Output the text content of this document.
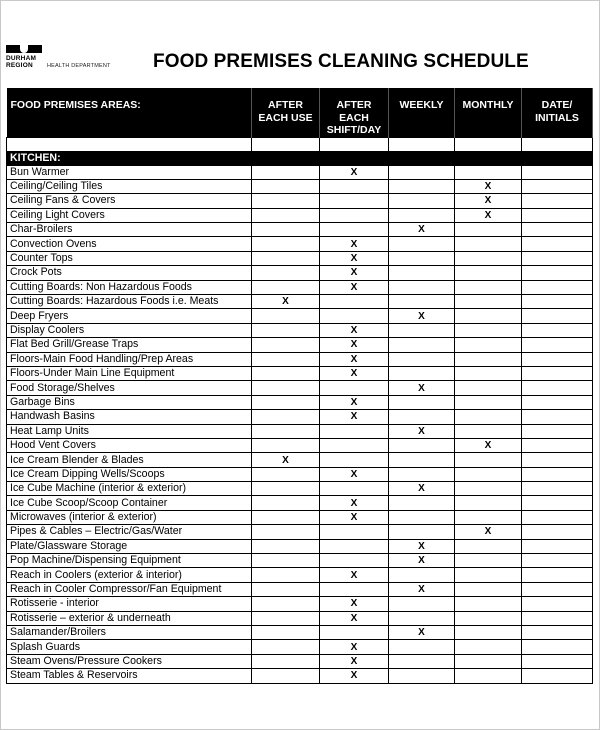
DURHAM
REGION	HEALTH DEPARTMENT FOOD PREMISES CLEANING SCHEDULE
FOOD PREMISES AREAS:	AFTER EACH USE	AFTER EACH SHIFT/DAY	WEEKLY	MONTHLY	DATE/ INITIALS

KITCHEN:					
Bun Warmer		X			
Ceiling/Ceiling Tiles				X	
Ceiling Fans & Covers				X	
Ceiling Light Covers				X	
Char-Broilers			X		
Convection Ovens		X			
Counter Tops		X			
Crock Pots		X			
Cutting Boards: Non Hazardous Foods		X			
Cutting Boards: Hazardous Foods i.e. Meats	X				
Deep Fryers			X		
Display Coolers		X			
Flat Bed Grill/Grease Traps		X			
Floors-Main Food Handling/Prep Areas		X			
Floors-Under Main Line Equipment		X			
Food Storage/Shelves			X		
Garbage Bins		X			
Handwash Basins		X			
Heat Lamp Units			X		
Hood Vent Covers				X	
Ice Cream Blender & Blades	X				
Ice Cream Dipping Wells/Scoops		X			
Ice Cube Machine (interior & exterior)			X		
Ice Cube Scoop/Scoop Container		X			
Microwaves (interior & exterior)		X			
Pipes & Cables – Electric/Gas/Water				X	
Plate/Glassware Storage			X		
Pop Machine/Dispensing Equipment			X		
Reach in Coolers (exterior & interior)		X			
Reach in Cooler Compressor/Fan Equipment			X		
Rotisserie - interior		X			
Rotisserie – exterior & underneath		X			
Salamander/Broilers			X		
Splash Guards		X			
Steam Ovens/Pressure Cookers		X			
Steam Tables & Reservoirs		X			
